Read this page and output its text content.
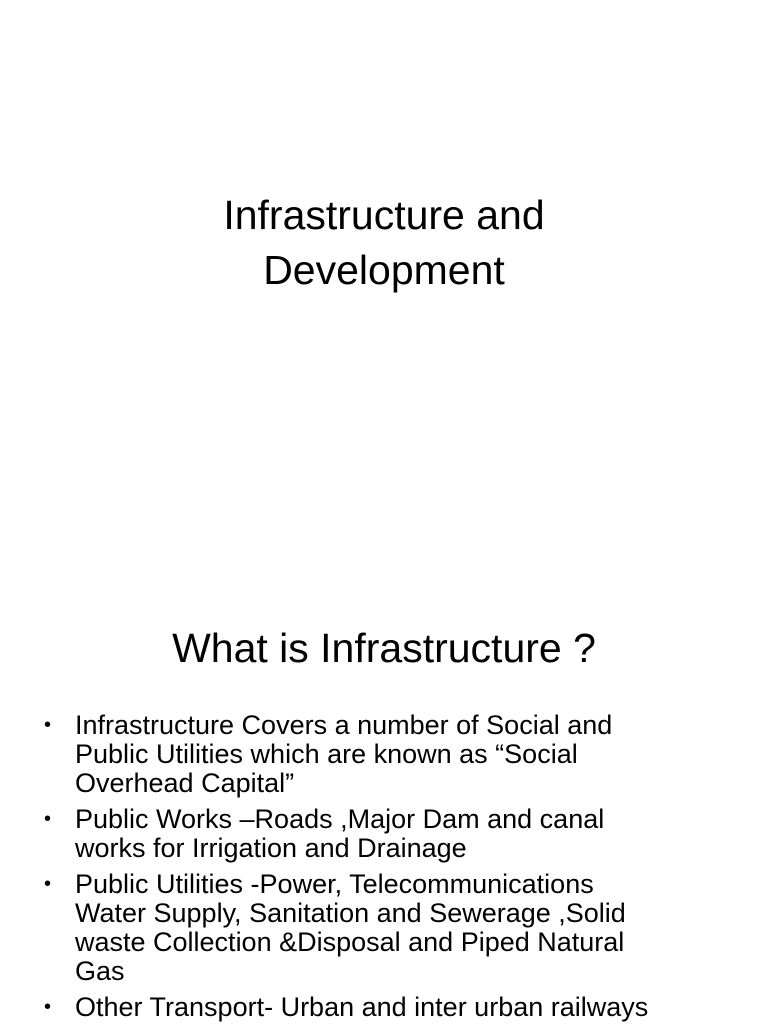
Infrastructure and
Development
What is Infrastructure ?
• Infrastructure Covers a number of Social and
Public Utilities which are known as “Social
Overhead Capital”
• Public Works –Roads ,Major Dam and canal
works for Irrigation and Drainage
• Public Utilities -Power, Telecommunications
Water Supply, Sanitation and Sewerage ,Solid
waste Collection &Disposal and Piped Natural
Gas
• Other Transport- Urban and inter urban railways
